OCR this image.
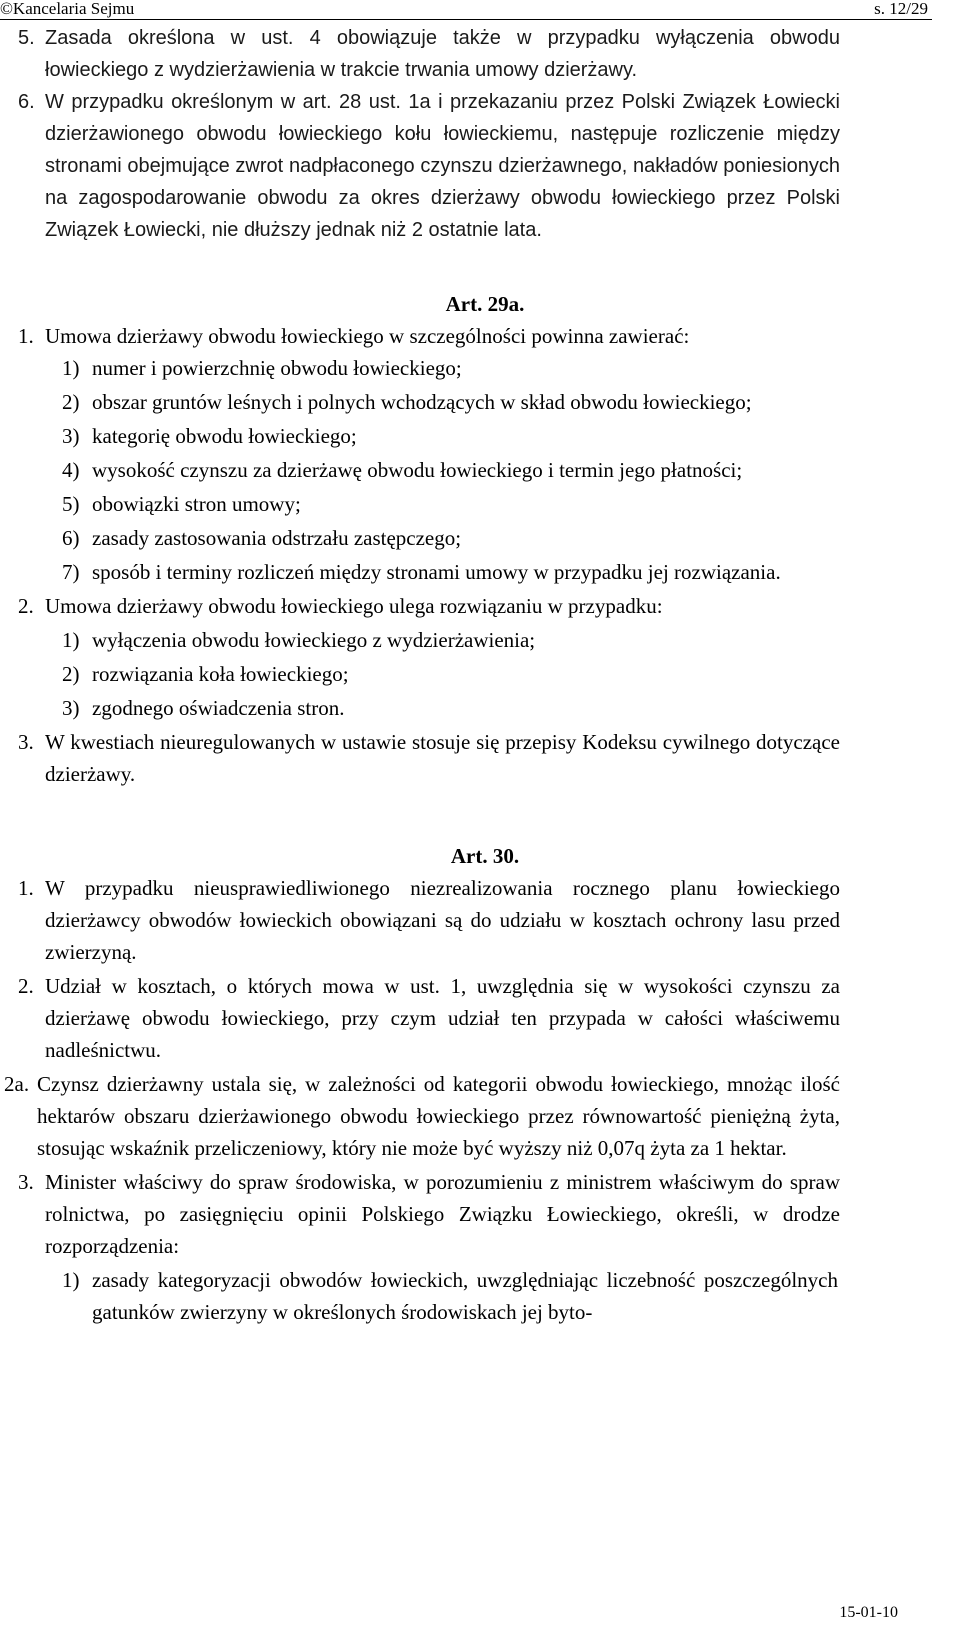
©Kancelaria Sejmu	s. 12/29
5. Zasada określona w ust. 4 obowiązuje także w przypadku wyłączenia obwodu łowieckiego z wydzierżawienia w trakcie trwania umowy dzierżawy.
6. W przypadku określonym w art. 28 ust. 1a i przekazaniu przez Polski Związek Łowiecki dzierżawionego obwodu łowieckiego kołu łowieckiemu, następuje rozliczenie między stronami obejmujące zwrot nadpłaconego czynszu dzierżawnego, nakładów poniesionych na zagospodarowanie obwodu za okres dzierżawy obwodu łowieckiego przez Polski Związek Łowiecki, nie dłuższy jednak niż 2 ostatnie lata.
Art. 29a.
1. Umowa dzierżawy obwodu łowieckiego w szczególności powinna zawierać:
1) numer i powierzchnię obwodu łowieckiego;
2) obszar gruntów leśnych i polnych wchodzących w skład obwodu łowieckiego;
3) kategorię obwodu łowieckiego;
4) wysokość czynszu za dzierżawę obwodu łowieckiego i termin jego płatności;
5) obowiązki stron umowy;
6) zasady zastosowania odstrzału zastępczego;
7) sposób i terminy rozliczeń między stronami umowy w przypadku jej rozwiązania.
2. Umowa dzierżawy obwodu łowieckiego ulega rozwiązaniu w przypadku:
1) wyłączenia obwodu łowieckiego z wydzierżawienia;
2) rozwiązania koła łowieckiego;
3) zgodnego oświadczenia stron.
3. W kwestiach nieuregulowanych w ustawie stosuje się przepisy Kodeksu cywilnego dotyczące dzierżawy.
Art. 30.
1. W przypadku nieusprawiedliwionego niezrealizowania rocznego planu łowieckiego dzierżawcy obwodów łowieckich obowiązani są do udziału w kosztach ochrony lasu przed zwierzyną.
2. Udział w kosztach, o których mowa w ust. 1, uwzględnia się w wysokości czynszu za dzierżawę obwodu łowieckiego, przy czym udział ten przypada w całości właściwemu nadleśnictwu.
2a. Czynsz dzierżawny ustala się, w zależności od kategorii obwodu łowieckiego, mnożąc ilość hektarów obszaru dzierżawionego obwodu łowieckiego przez równowartość pieniężną żyta, stosując wskaźnik przeliczeniowy, który nie może być wyższy niż 0,07q żyta za 1 hektar.
3. Minister właściwy do spraw środowiska, w porozumieniu z ministrem właściwym do spraw rolnictwa, po zasięgnięciu opinii Polskiego Związku Łowieckiego, określi, w drodze rozporządzenia:
1) zasady kategoryzacji obwodów łowieckich, uwzględniając liczebność poszczególnych gatunków zwierzyny w określonych środowiskach jej byto-
15-01-10
